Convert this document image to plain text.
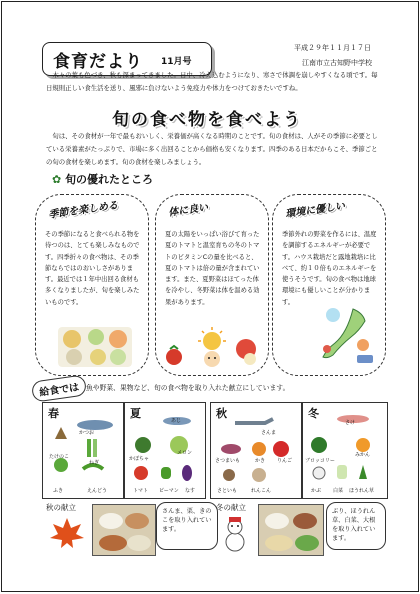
食育だより 11月号
平成２９年１１月１７日
江南市立古知野中学校
　木々の葉も色づき、秋も深まってきました。日中、冷え込むようになり、寒さで体調を崩しやすくなる頃です。毎日規則正しい食生活を送り、風邪に負けないよう免疫力や体力をつけておきたいですね。
旬の食べ物を食べよう
　旬は、その食材が一年で最もおいしく、栄養価が高くなる時期のことです。旬の食材は、人がその季節に必要としている栄養素がたっぷりで、市場に多く出回ることから価格も安くなります。四季のある日本だからこそ、季節ごとの旬の食材を楽しめます。旬の食材を楽しみましょう。
✿ 旬の優れたところ
季節を楽しめる
その季節になると食べられる物を待つのは、とても楽しみなものです。四季折々の食べ物は、その季節ならではのおいしさがあります。最近では１年中出回る食材も多くなりましたが、旬を楽しみたいものです。
体に良い
夏の太陽をいっぱい浴びて育った夏のトマトと温室育ちの冬のトマトのビタミンCの量を比べると、夏のトマトは倍の量が含まれています。また、夏野菜はほてった体を冷やし、冬野菜は体を温める効果があります。
環境に優しい
季節外れの野菜を作るには、温度を調節するエネルギーが必要です。ハウス栽培だと露地栽培に比べて、約１０倍ものエネルギーを使うそうです。旬の食べ物は地球環境にも優しいことが分かります。
給食では 魚や野菜、果物など、旬の食べ物を取り入れた献立にしています。
春
かつお
たけのこ
ねぎ
ふき	えんどう
夏
あじ
かぼちゃ
メロン
トマト ピーマン なす
秋
さんま
さつまいも	かき りんご
さといも	れんこん
冬
さけ
ブロッコリー
みかん
かぶ 白菜 ほうれん草
秋の献立	さんま、栗、きのこを取り入れています。
冬の献立	ぶり、ほうれん草、白菜、大根を取り入れています。
